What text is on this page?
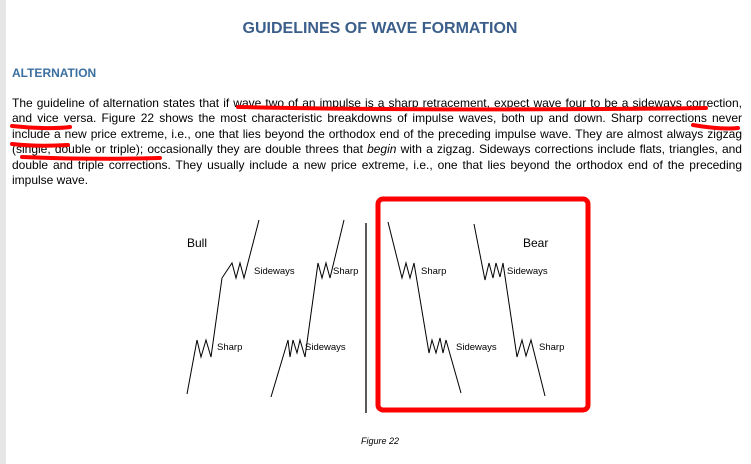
GUIDELINES OF WAVE FORMATION
ALTERNATION
The guideline of alternation states that if wave two of an impulse is a sharp retracement, expect wave four to be a sideways correction, and vice versa. Figure 22 shows the most characteristic breakdowns of impulse waves, both up and down. Sharp corrections never include a new price extreme, i.e., one that lies beyond the orthodox end of the preceding impulse wave. They are almost always zigzag (single, double or triple); occasionally they are double threes that begin with a zigzag. Sideways corrections include flats, triangles, and double and triple corrections. They usually include a new price extreme, i.e., one that lies beyond the orthodox end of the preceding impulse wave.
Bull	Bear
Sideways
Sharp
Sharp
Sideways
Sharp
Sideways
Sideways
Sharp
Figure 22
